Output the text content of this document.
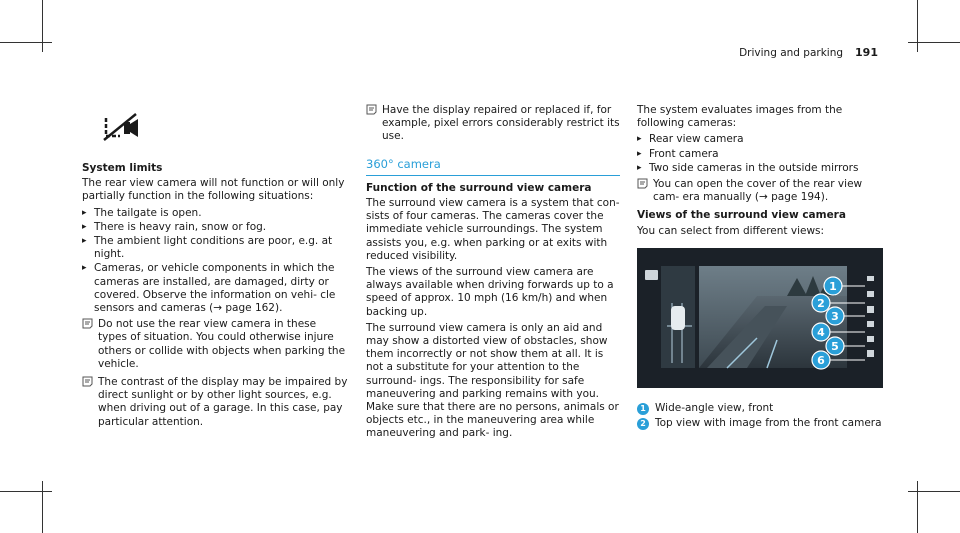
Driving and parking 191
System limits

The rear view camera will not function or will only partially function in the following situations:

▸ The tailgate is open.
▸ There is heavy rain, snow or fog.
▸ The ambient light conditions are poor, e.g. at night.
▸ Cameras, or vehicle components in which the cameras are installed, are damaged, dirty or covered. Observe the information on vehi- cle sensors and cameras (→ page 162).
Do not use the rear view camera in these types of situation. You could otherwise injure others or collide with objects when parking the vehicle.
The contrast of the display may be impaired by direct sunlight or by other light sources, e.g. when driving out of a garage. In this case, pay particular attention.
Have the display repaired or replaced if, for example, pixel errors considerably restrict its use.
360° camera
Function of the surround view camera

The surround view camera is a system that con- sists of four cameras. The cameras cover the immediate vehicle surroundings. The system assists you, e.g. when parking or at exits with reduced visibility.

The views of the surround view camera are always available when driving forwards up to a speed of approx. 10 mph (16 km/h) and when backing up.

The surround view camera is only an aid and may show a distorted view of obstacles, show them incorrectly or not show them at all. It is not a substitute for your attention to the surround- ings. The responsibility for safe maneuvering and parking remains with you. Make sure that there are no persons, animals or objects etc., in the maneuvering area while maneuvering and park- ing.

The system evaluates images from the following cameras:

▸ Rear view camera
▸ Front camera
▸ Two side cameras in the outside mirrors
You can open the cover of the rear view cam- era manually (→ page 194).
Views of the surround view camera

You can select from different views:

1
2
3
4
5
6
1 Wide-angle view, front
2 Top view with image from the front camera
